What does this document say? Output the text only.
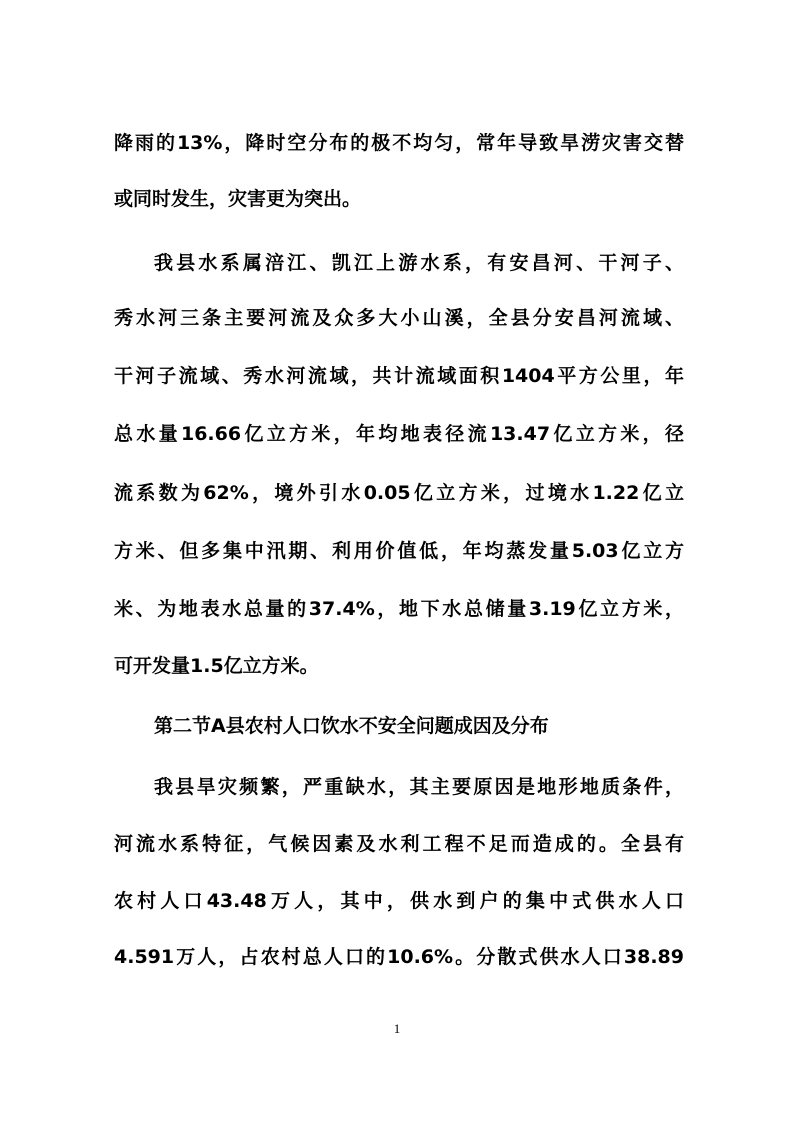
降雨的13%，降时空分布的极不均匀，常年导致旱涝灾害交替
或同时发生，灾害更为突出。
我县水系属涪江、凯江上游水系，有安昌河、干河子、
秀水河三条主要河流及众多大小山溪，全县分安昌河流域、
干河子流域、秀水河流域，共计流域面积1404平方公里，年
总水量16.66亿立方米，年均地表径流13.47亿立方米，径
流系数为62%，境外引水0.05亿立方米，过境水1.22亿立
方米、但多集中汛期、利用价值低，年均蒸发量5.03亿立方
米、为地表水总量的37.4%，地下水总储量3.19亿立方米，
可开发量1.5亿立方米。
第二节A县农村人口饮水不安全问题成因及分布
我县旱灾频繁，严重缺水，其主要原因是地形地质条件，
河流水系特征，气候因素及水利工程不足而造成的。全县有
农村人口43.48万人，其中，供水到户的集中式供水人口
4.591万人，占农村总人口的10.6%。分散式供水人口38.89
1
